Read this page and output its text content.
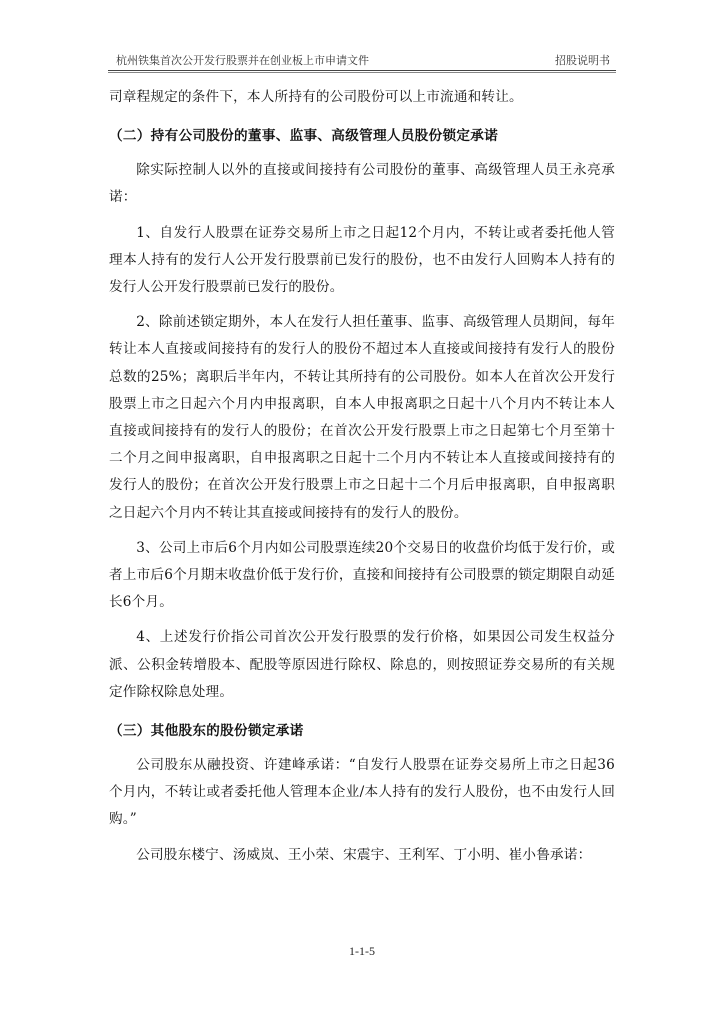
杭州铁集首次公开发行股票并在创业板上市申请文件	招股说明书

司章程规定的条件下，本人所持有的公司股份可以上市流通和转让。

（二）持有公司股份的董事、监事、高级管理人员股份锁定承诺

除实际控制人以外的直接或间接持有公司股份的董事、高级管理人员王永亮承诺：

1、自发行人股票在证券交易所上市之日起12个月内，不转让或者委托他人管理本人持有的发行人公开发行股票前已发行的股份，也不由发行人回购本人持有的发行人公开发行股票前已发行的股份。

2、除前述锁定期外，本人在发行人担任董事、监事、高级管理人员期间，每年转让本人直接或间接持有的发行人的股份不超过本人直接或间接持有发行人的股份总数的25%；离职后半年内，不转让其所持有的公司股份。如本人在首次公开发行股票上市之日起六个月内申报离职，自本人申报离职之日起十八个月内不转让本人直接或间接持有的发行人的股份；在首次公开发行股票上市之日起第七个月至第十二个月之间申报离职，自申报离职之日起十二个月内不转让本人直接或间接持有的发行人的股份；在首次公开发行股票上市之日起十二个月后申报离职，自申报离职之日起六个月内不转让其直接或间接持有的发行人的股份。

3、公司上市后6个月内如公司股票连续20个交易日的收盘价均低于发行价，或者上市后6个月期末收盘价低于发行价，直接和间接持有公司股票的锁定期限自动延长6个月。

4、上述发行价指公司首次公开发行股票的发行价格，如果因公司发生权益分派、公积金转增股本、配股等原因进行除权、除息的，则按照证券交易所的有关规定作除权除息处理。

（三）其他股东的股份锁定承诺

公司股东从融投资、许建峰承诺：“自发行人股票在证券交易所上市之日起36个月内，不转让或者委托他人管理本企业/本人持有的发行人股份，也不由发行人回购。”

公司股东楼宁、汤威岚、王小荣、宋震宇、王利军、丁小明、崔小鲁承诺：

1-1-5
